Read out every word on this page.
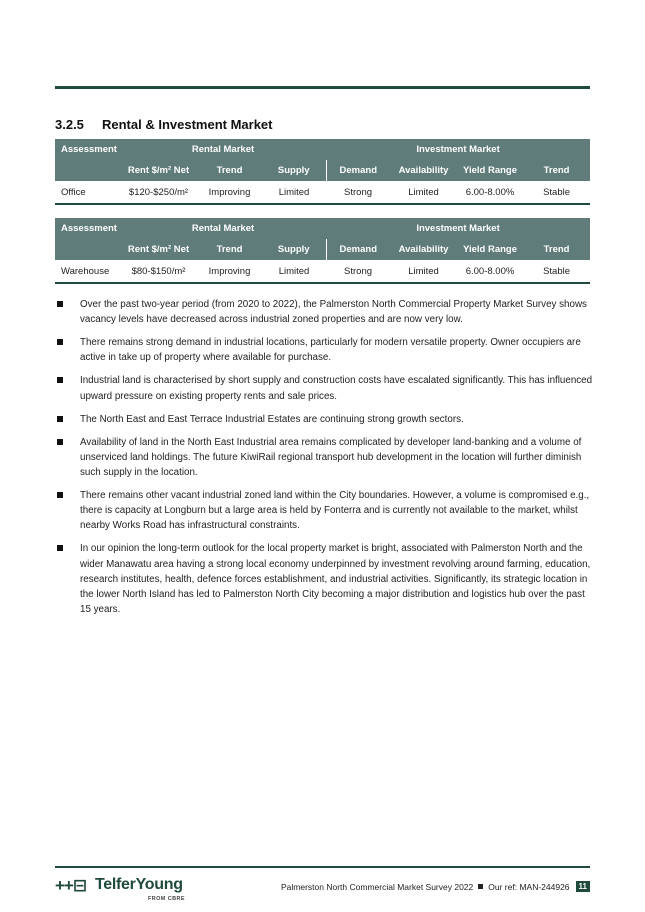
3.2.5 Rental & Investment Market
Assessment	Rental Market			Investment Market			
	Rent $/m² Net	Trend	Supply	Demand	Availability	Yield Range	Trend
Office	$120-$250/m²	Improving	Limited	Strong	Limited	6.00-8.00%	Stable
Assessment	Rental Market			Investment Market			
	Rent $/m² Net	Trend	Supply	Demand	Availability	Yield Range	Trend
Warehouse	$80-$150/m²	Improving	Limited	Strong	Limited	6.00-8.00%	Stable
Over the past two-year period (from 2020 to 2022), the Palmerston North Commercial Property Market Survey shows vacancy levels have decreased across industrial zoned properties and are now very low.
There remains strong demand in industrial locations, particularly for modern versatile property. Owner occupiers are active in take up of property where available for purchase.
Industrial land is characterised by short supply and construction costs have escalated significantly. This has influenced upward pressure on existing property rents and sale prices.
The North East and East Terrace Industrial Estates are continuing strong growth sectors.
Availability of land in the North East Industrial area remains complicated by developer land-banking and a volume of unserviced land holdings. The future KiwiRail regional transport hub development in the location will further diminish such supply in the location.
There remains other vacant industrial zoned land within the City boundaries. However, a volume is compromised e.g., there is capacity at Longburn but a large area is held by Fonterra and is currently not available to the market, whilst nearby Works Road has infrastructural constraints.
In our opinion the long-term outlook for the local property market is bright, associated with Palmerston North and the wider Manawatu area having a strong local economy underpinned by investment revolving around farming, education, research institutes, health, defence forces establishment, and industrial activities. Significantly, its strategic location in the lower North Island has led to Palmerston North City becoming a major distribution and logistics hub over the past 15 years.
++⊟ TelferYoung
FROM CBRE
Palmerston North Commercial Market Survey 2022 Our ref: MAN-244926	11
